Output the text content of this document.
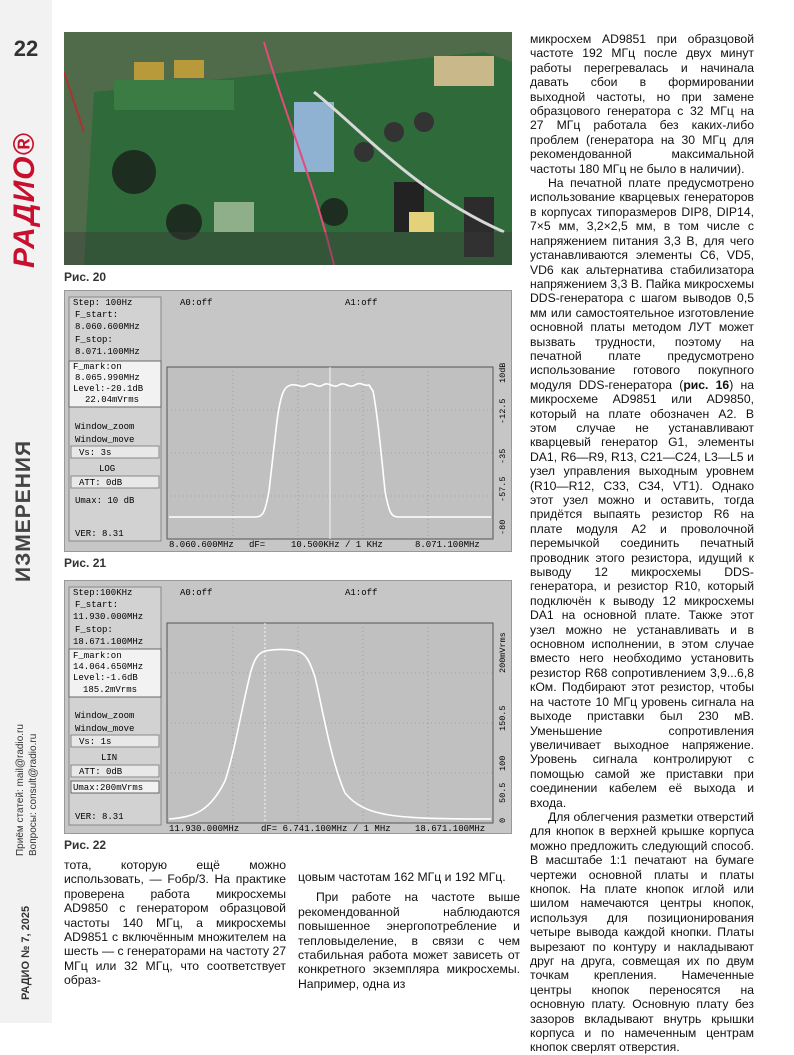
22
РАДИО®
ИЗМЕРЕНИЯ
Приём статей: mail@radio.ru Вопросы: consult@radio.ru
РАДИО № 7, 2025
Рис. 20
Step: 100Hz
F_start:
8.060.600MHz
F_stop:
8.071.100MHz
F_mark:on
8.065.990MHz
Level:-20.1dB
22.04mVrms
Window_zoom
Window_move
Vs: 3s
LOG
ATT: 0dB
Umax: 10 dB
VER: 8.31
A0:off	A1:off
10dB
-12.5
-35
-57.5
-80
8.060.600MHz dF=	10.500KHz / 1 KHz	8.071.100MHz
Рис. 21
Step:100KHz
F_start:
11.930.000MHz
F_stop:
18.671.100MHz
F_mark:on
14.064.650MHz
Level:-1.6dB
185.2mVrms
Window_zoom
Window_move
Vs: 1s
LIN
ATT: 0dB
Umax:200mVrms
VER: 8.31
A0:off	A1:off
200mVrms
150.5
100
50.5
0
11.930.000MHz dF= 6.741.100MHz / 1 MHz	18.671.100MHz
Рис. 22

тота, которую ещё можно использовать, — Fобр/3. На практике проверена работа микросхемы AD9850 с генератором образцовой частоты 140 МГц, а микросхемы AD9851 с включённым множителем на шесть — с генераторами на частоту 27 МГц или 32 МГц, что соответствует образ-

цовым частотам 162 МГц и 192 МГц.

При работе на частоте выше рекомендованной наблюдаются повышенное энергопотребление и тепловыделение, в связи с чем стабильная работа может зависеть от конкретного экземпляра микросхемы. Например, одна из

микросхем AD9851 при образцовой частоте 192 МГц после двух минут работы перегревалась и начинала давать сбои в формировании выходной частоты, но при замене образцового генератора с 32 МГц на 27 МГц работала без каких-либо проблем (генератора на 30 МГц для рекомендованной максимальной частоты 180 МГц не было в наличии).

На печатной плате предусмотрено использование кварцевых генераторов в корпусах типоразмеров DIP8, DIP14, 7×5 мм, 3,2×2,5 мм, в том числе с напряжением питания 3,3 В, для чего устанавливаются элементы C6, VD5, VD6 как альтернатива стабилизатора напряжением 3,3 В. Пайка микросхемы DDS-генератора с шагом выводов 0,5 мм или самостоятельное изготовление основной платы методом ЛУТ может вызвать трудности, поэтому на печатной плате предусмотрено использование готового покупного модуля DDS-генератора (рис. 16) на микросхеме AD9851 или AD9850, который на плате обозначен A2. В этом случае не устанавливают кварцевый генератор G1, элементы DA1, R6—R9, R13, C21—C24, L3—L5 и узел управления выходным уровнем (R10—R12, C33, C34, VT1). Однако этот узел можно и оставить, тогда придётся выпаять резистор R6 на плате модуля A2 и проволочной перемычкой соединить печатный проводник этого резистора, идущий к выводу 12 микросхемы DDS-генератора, и резистор R10, который подключён к выводу 12 микросхемы DA1 на основной плате. Также этот узел можно не устанавливать и в основном исполнении, в этом случае вместо него необходимо установить резистор R68 сопротивлением 3,9...6,8 кОм. Подбирают этот резистор, чтобы на частоте 10 МГц уровень сигнала на выходе приставки был 230 мВ. Уменьшение сопротивления увеличивает выходное напряжение. Уровень сигнала контролируют с помощью самой же приставки при соединении кабелем её выхода и входа.

Для облегчения разметки отверстий для кнопок в верхней крышке корпуса можно предложить следующий способ. В масштабе 1:1 печатают на бумаге чертежи основной платы и платы кнопок. На плате кнопок иглой или шилом намечаются центры кнопок, используя для позиционирования четыре вывода каждой кнопки. Платы вырезают по контуру и накладывают друг на друга, совмещая их по двум точкам крепления. Намеченные центры кнопок переносятся на основную плату. Основную плату без зазоров вкладывают внутрь крышки корпуса и по намеченным центрам кнопок сверлят отверстия.
